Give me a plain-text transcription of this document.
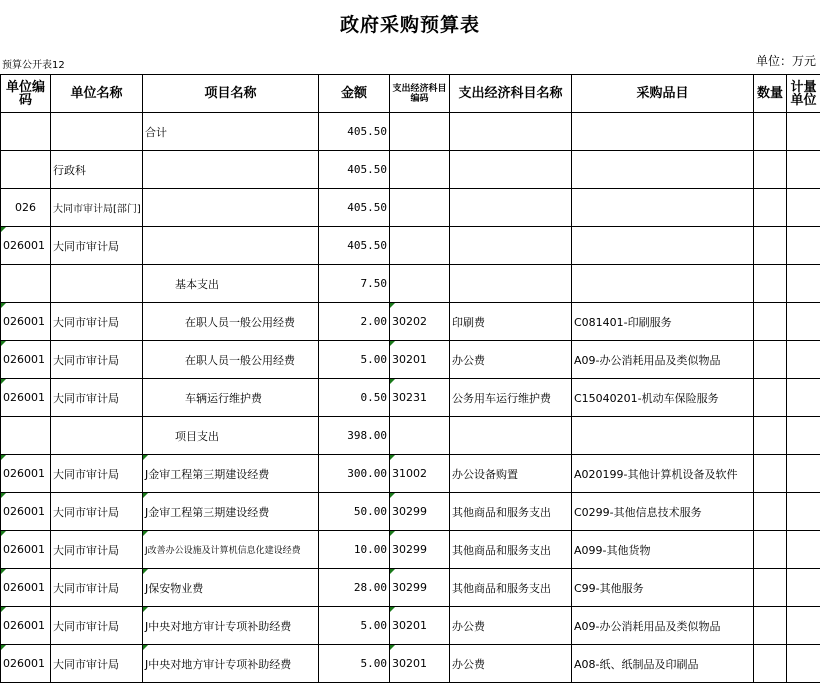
政府采购预算表
预算公开表12	单位：万元
单位编码	单位名称	项目名称	金额	支出经济科目编码	支出经济科目名称	采购品目	数量	计量单位
		合计	405.50					
	行政科		405.50					
026	大同市审计局[部门]		405.50					
026001	大同市审计局		405.50					
		基本支出	7.50					
026001	大同市审计局	在职人员一般公用经费	2.00	30202	印刷费	C081401-印刷服务		
026001	大同市审计局	在职人员一般公用经费	5.00	30201	办公费	A09-办公消耗用品及类似物品		
026001	大同市审计局	车辆运行维护费	0.50	30231	公务用车运行维护费	C15040201-机动车保险服务		
		项目支出	398.00					
026001	大同市审计局	J金审工程第三期建设经费	300.00	31002	办公设备购置	A020199-其他计算机设备及软件		
026001	大同市审计局	J金审工程第三期建设经费	50.00	30299	其他商品和服务支出	C0299-其他信息技术服务		
026001	大同市审计局	J改善办公设施及计算机信息化建设经费	10.00	30299	其他商品和服务支出	A099-其他货物		
026001	大同市审计局	J保安物业费	28.00	30299	其他商品和服务支出	C99-其他服务		
026001	大同市审计局	J中央对地方审计专项补助经费	5.00	30201	办公费	A09-办公消耗用品及类似物品		
026001	大同市审计局	J中央对地方审计专项补助经费	5.00	30201	办公费	A08-纸、纸制品及印刷品		
